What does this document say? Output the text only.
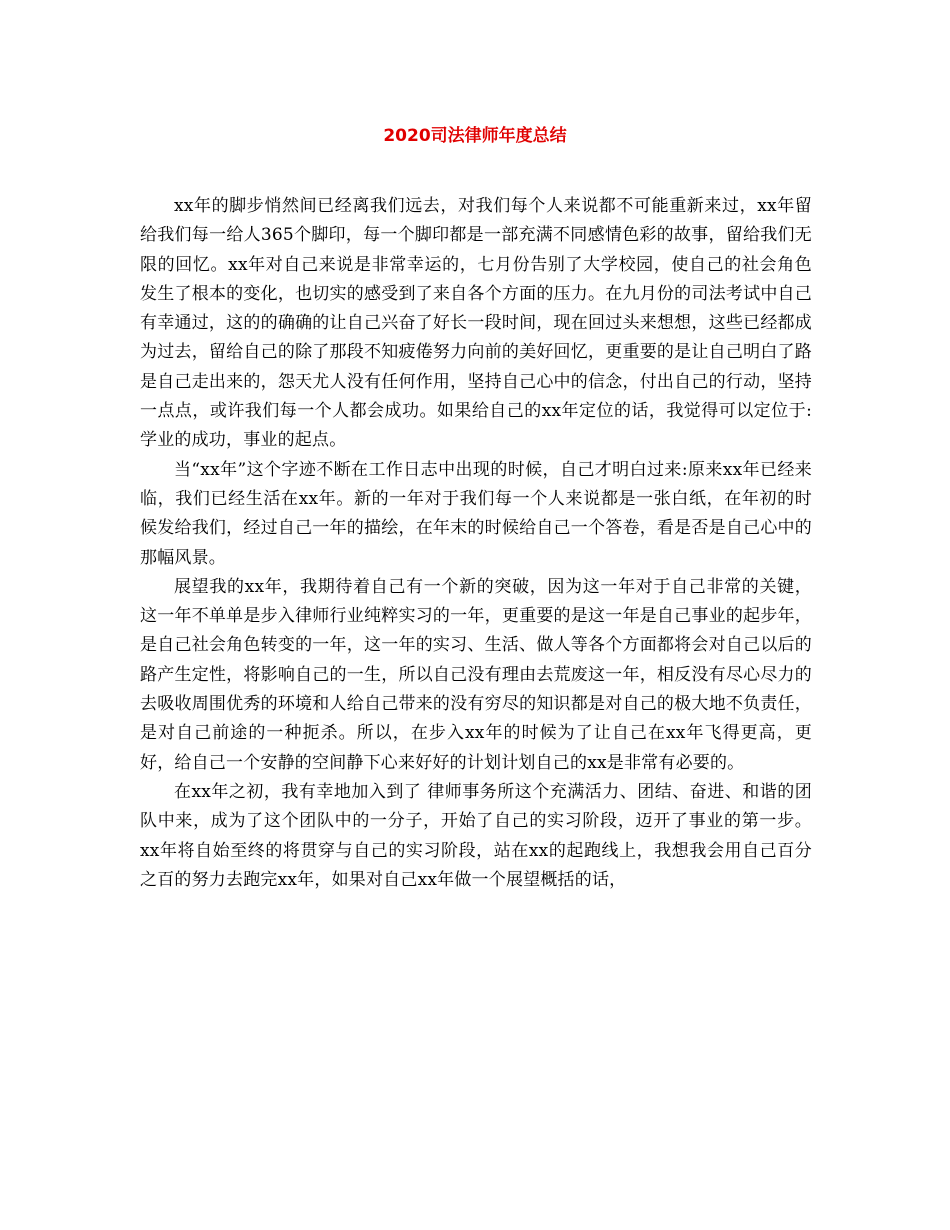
2020司法律师年度总结

xx年的脚步悄然间已经离我们远去，对我们每个人来说都不可能重新来过，xx年留给我们每一给人365个脚印，每一个脚印都是一部充满不同感情色彩的故事，留给我们无限的回忆。xx年对自己来说是非常幸运的，七月份告别了大学校园，使自己的社会角色发生了根本的变化，也切实的感受到了来自各个方面的压力。在九月份的司法考试中自己有幸通过，这的的确确的让自己兴奋了好长一段时间，现在回过头来想想，这些已经都成为过去，留给自己的除了那段不知疲倦努力向前的美好回忆，更重要的是让自己明白了路是自己走出来的，怨天尤人没有任何作用，坚持自己心中的信念，付出自己的行动，坚持一点点，或许我们每一个人都会成功。如果给自己的xx年定位的话，我觉得可以定位于:学业的成功，事业的起点。

当“xx年”这个字迹不断在工作日志中出现的时候，自己才明白过来:原来xx年已经来临，我们已经生活在xx年。新的一年对于我们每一个人来说都是一张白纸，在年初的时候发给我们，经过自己一年的描绘，在年末的时候给自己一个答卷，看是否是自己心中的那幅风景。

展望我的xx年，我期待着自己有一个新的突破，因为这一年对于自己非常的关键，这一年不单单是步入律师行业纯粹实习的一年，更重要的是这一年是自己事业的起步年，是自己社会角色转变的一年，这一年的实习、生活、做人等各个方面都将会对自己以后的路产生定性，将影响自己的一生，所以自己没有理由去荒废这一年，相反没有尽心尽力的去吸收周围优秀的环境和人给自己带来的没有穷尽的知识都是对自己的极大地不负责任，是对自己前途的一种扼杀。所以，在步入xx年的时候为了让自己在xx年飞得更高，更好，给自己一个安静的空间静下心来好好的计划计划自己的xx是非常有必要的。

在xx年之初，我有幸地加入到了 律师事务所这个充满活力、团结、奋进、和谐的团队中来，成为了这个团队中的一分子，开始了自己的实习阶段，迈开了事业的第一步。xx年将自始至终的将贯穿与自己的实习阶段，站在xx的起跑线上，我想我会用自己百分之百的努力去跑完xx年，如果对自己xx年做一个展望概括的话，
